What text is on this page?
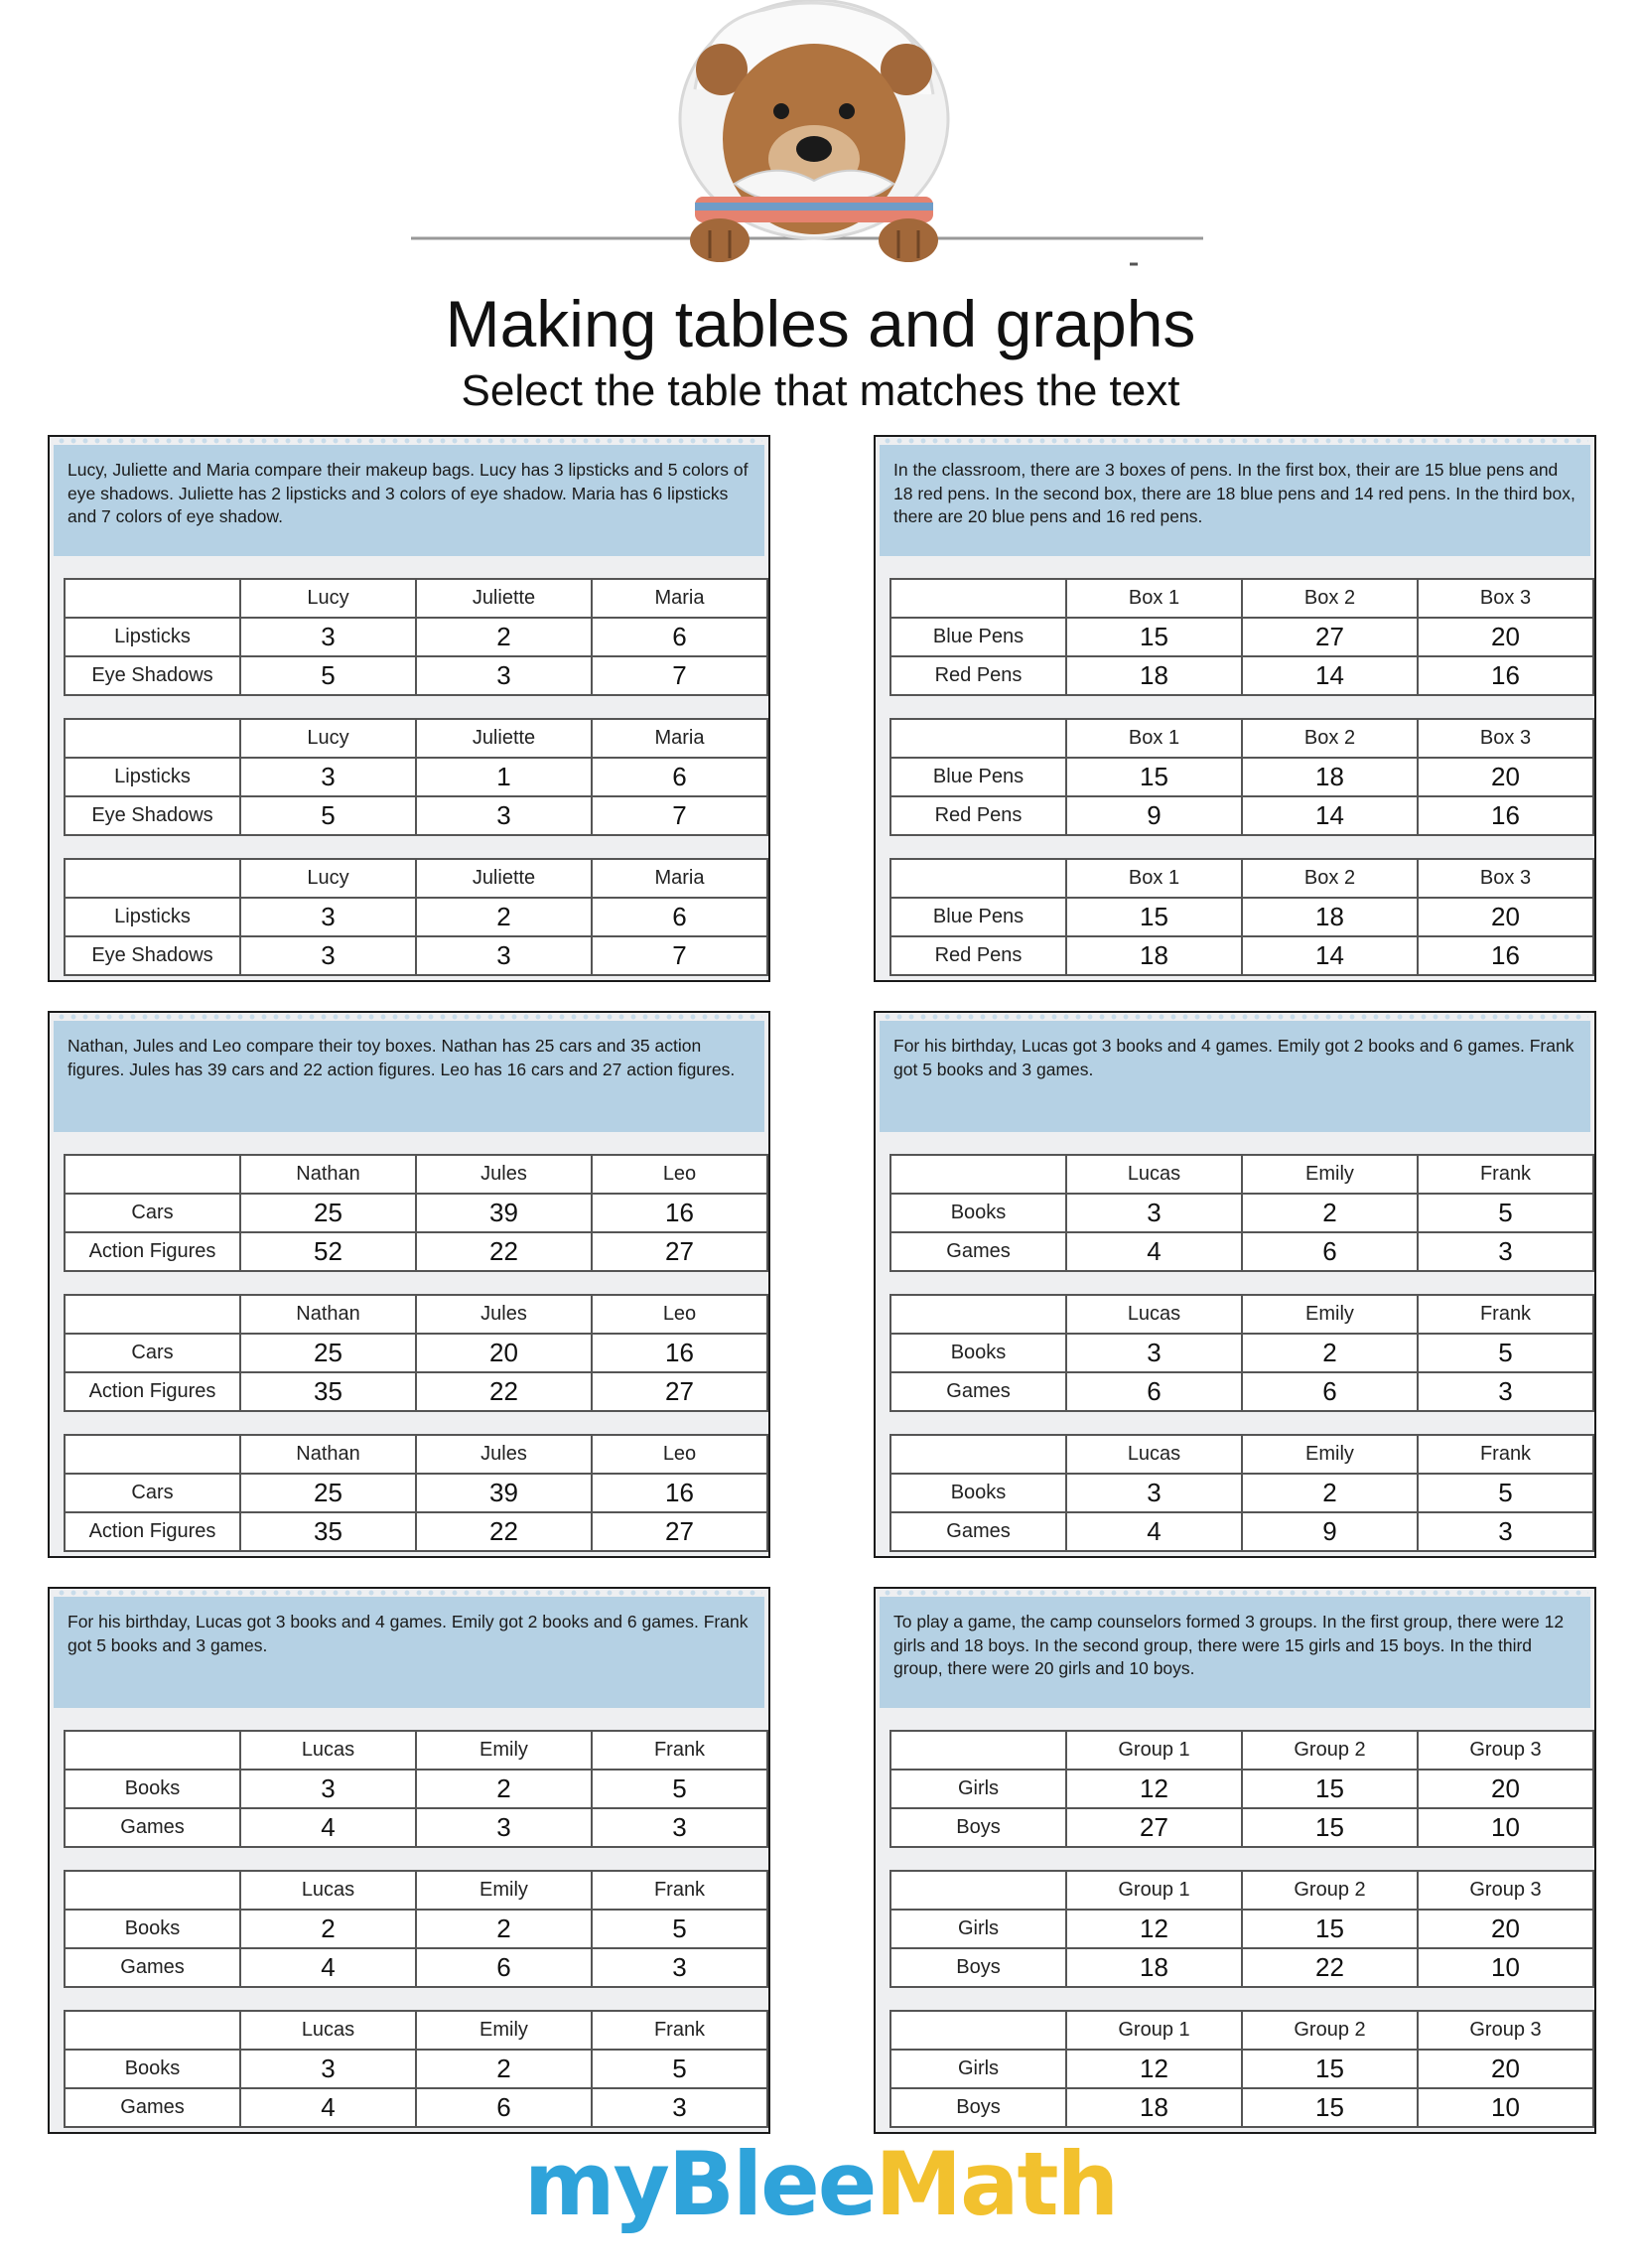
Making tables and graphs
Select the table that matches the text
Lucy, Juliette and Maria compare their makeup bags. Lucy has 3 lipsticks and 5 colors of eye shadows. Juliette has 2 lipsticks and 3 colors of eye shadow. Maria has 6 lipsticks and 7 colors of eye shadow.
	Lucy	Juliette	Maria
Lipsticks	3	2	6
Eye Shadows	5	3	7
	Lucy	Juliette	Maria
Lipsticks	3	1	6
Eye Shadows	5	3	7
	Lucy	Juliette	Maria
Lipsticks	3	2	6
Eye Shadows	3	3	7
In the classroom, there are 3 boxes of pens. In the first box, their are 15 blue pens and 18 red pens. In the second box, there are 18 blue pens and 14 red pens. In the third box, there are 20 blue pens and 16 red pens.
	Box 1	Box 2	Box 3
Blue Pens	15	27	20
Red Pens	18	14	16
	Box 1	Box 2	Box 3
Blue Pens	15	18	20
Red Pens	9	14	16
	Box 1	Box 2	Box 3
Blue Pens	15	18	20
Red Pens	18	14	16
Nathan, Jules and Leo compare their toy boxes. Nathan has 25 cars and 35 action figures. Jules has 39 cars and 22 action figures. Leo has 16 cars and 27 action figures.
	Nathan	Jules	Leo
Cars	25	39	16
Action Figures	52	22	27
	Nathan	Jules	Leo
Cars	25	20	16
Action Figures	35	22	27
	Nathan	Jules	Leo
Cars	25	39	16
Action Figures	35	22	27
For his birthday, Lucas got 3 books and 4 games. Emily got 2 books and 6 games. Frank got 5 books and 3 games.
	Lucas	Emily	Frank
Books	3	2	5
Games	4	6	3
	Lucas	Emily	Frank
Books	3	2	5
Games	6	6	3
	Lucas	Emily	Frank
Books	3	2	5
Games	4	9	3
For his birthday, Lucas got 3 books and 4 games. Emily got 2 books and 6 games. Frank got 5 books and 3 games.
	Lucas	Emily	Frank
Books	3	2	5
Games	4	3	3
	Lucas	Emily	Frank
Books	2	2	5
Games	4	6	3
	Lucas	Emily	Frank
Books	3	2	5
Games	4	6	3
To play a game, the camp counselors formed 3 groups. In the first group, there were 12 girls and 18 boys. In the second group, there were 15 girls and 15 boys. In the third group, there were 20 girls and 10 boys.
	Group 1	Group 2	Group 3
Girls	12	15	20
Boys	27	15	10
	Group 1	Group 2	Group 3
Girls	12	15	20
Boys	18	22	10
	Group 1	Group 2	Group 3
Girls	12	15	20
Boys	18	15	10
myBleeMath
